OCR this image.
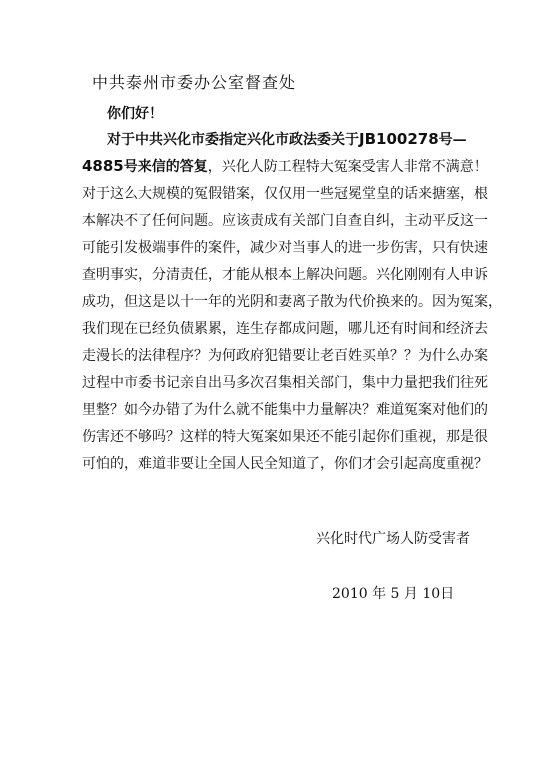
中共泰州市委办公室督查处
你们好！
对于中共兴化市委指定兴化市政法委关于JB100278号—
4885号来信的答复，兴化人防工程特大冤案受害人非常不满意！
对于这么大规模的冤假错案，仅仅用一些冠冕堂皇的话来搪塞，根
本解决不了任何问题。应该责成有关部门自查自纠，主动平反这一
可能引发极端事件的案件，减少对当事人的进一步伤害，只有快速
查明事实，分清责任，才能从根本上解决问题。兴化刚刚有人申诉
成功，但这是以十一年的光阴和妻离子散为代价换来的。因为冤案，
我们现在已经负债累累，连生存都成问题，哪儿还有时间和经济去
走漫长的法律程序？为何政府犯错要让老百姓买单？？为什么办案
过程中市委书记亲自出马多次召集相关部门，集中力量把我们往死
里整？如今办错了为什么就不能集中力量解决？难道冤案对他们的
伤害还不够吗？这样的特大冤案如果还不能引起你们重视，那是很
可怕的，难道非要让全国人民全知道了，你们才会引起高度重视？
兴化时代广场人防受害者
2010 年 5 月 10日
